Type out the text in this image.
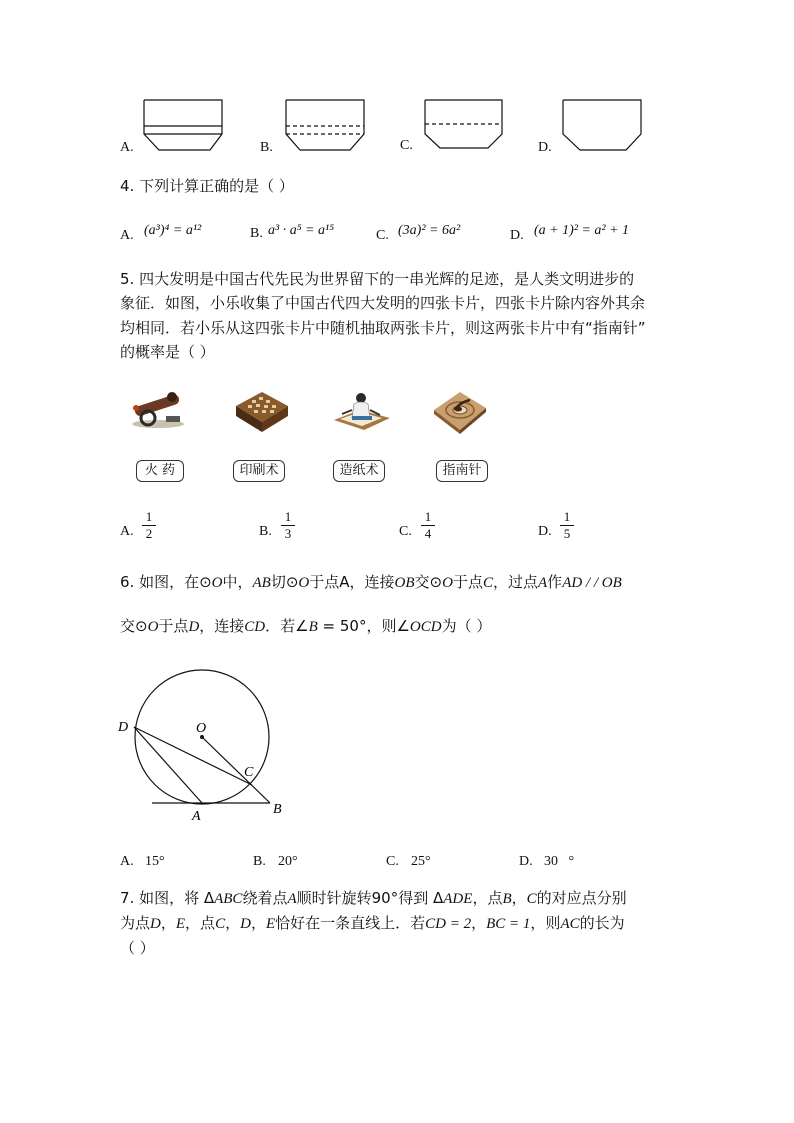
A.	B.	C.	D.
4. 下列计算正确的是（ ）
A. (a³)⁴ = a¹²	B. a³ · a⁵ = a¹⁵	C. (3a)² = 6a²	D. (a + 1)² = a² + 1
5. 四大发明是中国古代先民为世界留下的一串光辉的足迹，是人类文明进步的
象征．如图，小乐收集了中国古代四大发明的四张卡片，四张卡片除内容外其余
均相同．若小乐从这四张卡片中随机抽取两张卡片，则这两张卡片中有“指南针”
的概率是（ ）
火 药	印刷术	造纸术	指南针
A.
1
2	B.
1
3	C.
1
4	D.
1
5
6. 如图，在⊙O中，AB切⊙O于点A，连接OB交⊙O于点C，过点A作AD / / OB
交⊙O于点D，连接CD．若∠B = 50°，则∠OCD为（ ）
D	O
C
A	B
A. 15°	B. 20°	C. 25°	D. 30   °
7. 如图，将 ΔABC绕着点A顺时针旋转90°得到 ΔADE，点B，C的对应点分别
为点D，E，点C，D，E恰好在一条直线上．若CD = 2，BC = 1，则AC的长为
（ ）
